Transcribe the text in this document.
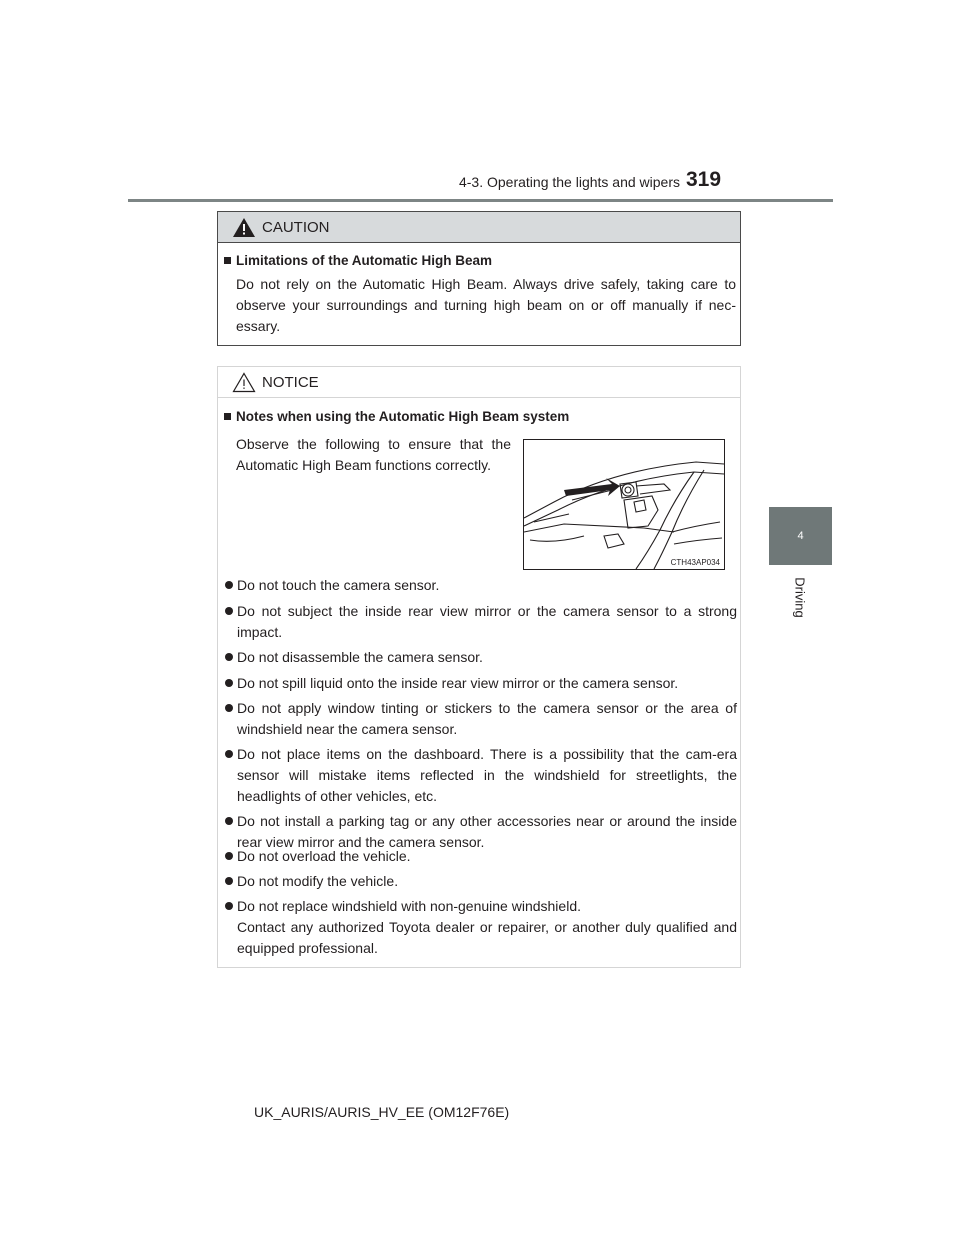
4-3. Operating the lights and wipers 319
4
Driving
CAUTION
Limitations of the Automatic High Beam
Do not rely on the Automatic High Beam. Always drive safely, taking care to observe your surroundings and turning high beam on or off manually if nec-essary.
NOTICE
Notes when using the Automatic High Beam system
Observe the following to ensure that the Automatic High Beam functions correctly.
CTH43AP034
Do not touch the camera sensor.
Do not subject the inside rear view mirror or the camera sensor to a strong impact.
Do not disassemble the camera sensor.
Do not spill liquid onto the inside rear view mirror or the camera sensor.
Do not apply window tinting or stickers to the camera sensor or the area of windshield near the camera sensor.
Do not place items on the dashboard. There is a possibility that the cam-era sensor will mistake items reflected in the windshield for streetlights, the headlights of other vehicles, etc.
Do not install a parking tag or any other accessories near or around the inside rear view mirror and the camera sensor.
Do not overload the vehicle.
Do not modify the vehicle.
Do not replace windshield with non-genuine windshield.
Contact any authorized Toyota dealer or repairer, or another duly qualified and equipped professional.
UK_AURIS/AURIS_HV_EE (OM12F76E)
